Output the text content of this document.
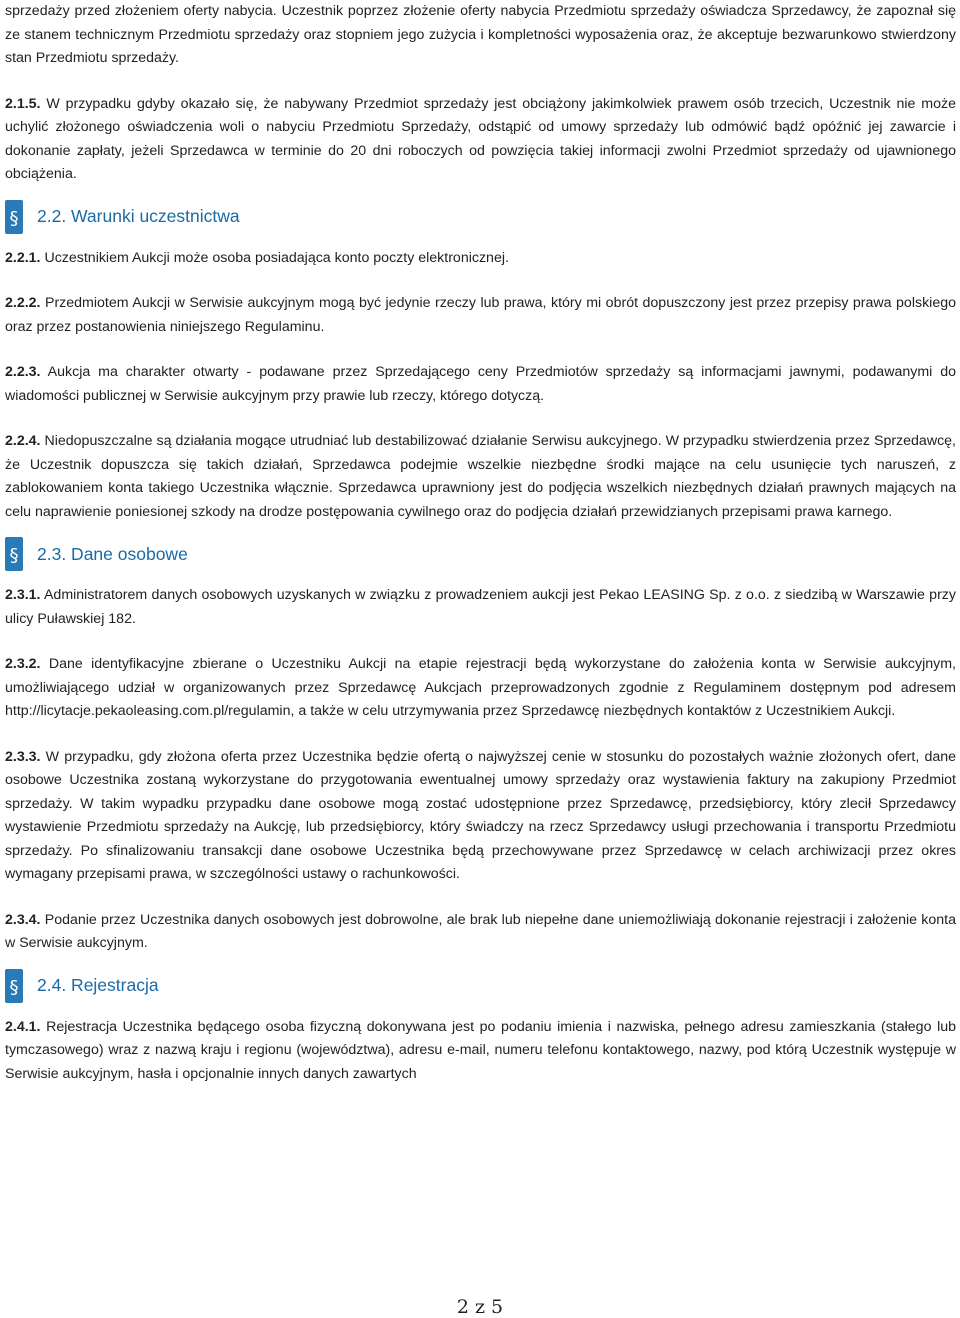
sprzedaży przed złożeniem oferty nabycia. Uczestnik poprzez złożenie oferty nabycia Przedmiotu sprzedaży oświadcza Sprzedawcy, że zapoznał się ze stanem technicznym Przedmiotu sprzedaży oraz stopniem jego zużycia i kompletności wyposażenia oraz, że akceptuje bezwarunkowo stwierdzony stan Przedmiotu sprzedaży.

2.1.5. W przypadku gdyby okazało się, że nabywany Przedmiot sprzedaży jest obciążony jakimkolwiek prawem osób trzecich, Uczestnik nie może uchylić złożonego oświadczenia woli o nabyciu Przedmiotu Sprzedaży, odstąpić od umowy sprzedaży lub odmówić bądź opóźnić jej zawarcie i dokonanie zapłaty, jeżeli Sprzedawca w terminie do 20 dni roboczych od powzięcia takiej informacji zwolni Przedmiot sprzedaży od ujawnionego obciążenia.

§ 2.2. Warunki uczestnictwa

2.2.1. Uczestnikiem Aukcji może osoba posiadająca konto poczty elektronicznej.

2.2.2. Przedmiotem Aukcji w Serwisie aukcyjnym mogą być jedynie rzeczy lub prawa, który mi obrót dopuszczony jest przez przepisy prawa polskiego oraz przez postanowienia niniejszego Regulaminu.

2.2.3. Aukcja ma charakter otwarty - podawane przez Sprzedającego ceny Przedmiotów sprzedaży są informacjami jawnymi, podawanymi do wiadomości publicznej w Serwisie aukcyjnym przy prawie lub rzeczy, którego dotyczą.

2.2.4. Niedopuszczalne są działania mogące utrudniać lub destabilizować działanie Serwisu aukcyjnego. W przypadku stwierdzenia przez Sprzedawcę, że Uczestnik dopuszcza się takich działań, Sprzedawca podejmie wszelkie niezbędne środki mające na celu usunięcie tych naruszeń, z zablokowaniem konta takiego Uczestnika włącznie. Sprzedawca uprawniony jest do podjęcia wszelkich niezbędnych działań prawnych mających na celu naprawienie poniesionej szkody na drodze postępowania cywilnego oraz do podjęcia działań przewidzianych przepisami prawa karnego.

§ 2.3. Dane osobowe

2.3.1. Administratorem danych osobowych uzyskanych w związku z prowadzeniem aukcji jest Pekao LEASING Sp. z o.o. z siedzibą w Warszawie przy ulicy Puławskiej 182.

2.3.2. Dane identyfikacyjne zbierane o Uczestniku Aukcji na etapie rejestracji będą wykorzystane do założenia konta w Serwisie aukcyjnym, umożliwiającego udział w organizowanych przez Sprzedawcę Aukcjach przeprowadzonych zgodnie z Regulaminem dostępnym pod adresem http://licytacje.pekaoleasing.com.pl/regulamin, a także w celu utrzymywania przez Sprzedawcę niezbędnych kontaktów z Uczestnikiem Aukcji.

2.3.3. W przypadku, gdy złożona oferta przez Uczestnika będzie ofertą o najwyższej cenie w stosunku do pozostałych ważnie złożonych ofert, dane osobowe Uczestnika zostaną wykorzystane do przygotowania ewentualnej umowy sprzedaży oraz wystawienia faktury na zakupiony Przedmiot sprzedaży. W takim wypadku przypadku dane osobowe mogą zostać udostępnione przez Sprzedawcę, przedsiębiorcy, który zlecił Sprzedawcy wystawienie Przedmiotu sprzedaży na Aukcję, lub przedsiębiorcy, który świadczy na rzecz Sprzedawcy usługi przechowania i transportu Przedmiotu sprzedaży. Po sfinalizowaniu transakcji dane osobowe Uczestnika będą przechowywane przez Sprzedawcę w celach archiwizacji przez okres wymagany przepisami prawa, w szczególności ustawy o rachunkowości.

2.3.4. Podanie przez Uczestnika danych osobowych jest dobrowolne, ale brak lub niepełne dane uniemożliwiają dokonanie rejestracji i założenie konta w Serwisie aukcyjnym.

§ 2.4. Rejestracja

2.4.1. Rejestracja Uczestnika będącego osoba fizyczną dokonywana jest po podaniu imienia i nazwiska, pełnego adresu zamieszkania (stałego lub tymczasowego) wraz z nazwą kraju i regionu (województwa), adresu e-mail, numeru telefonu kontaktowego, nazwy, pod którą Uczestnik występuje w Serwisie aukcyjnym, hasła i opcjonalnie innych danych zawartych

2 z 5
